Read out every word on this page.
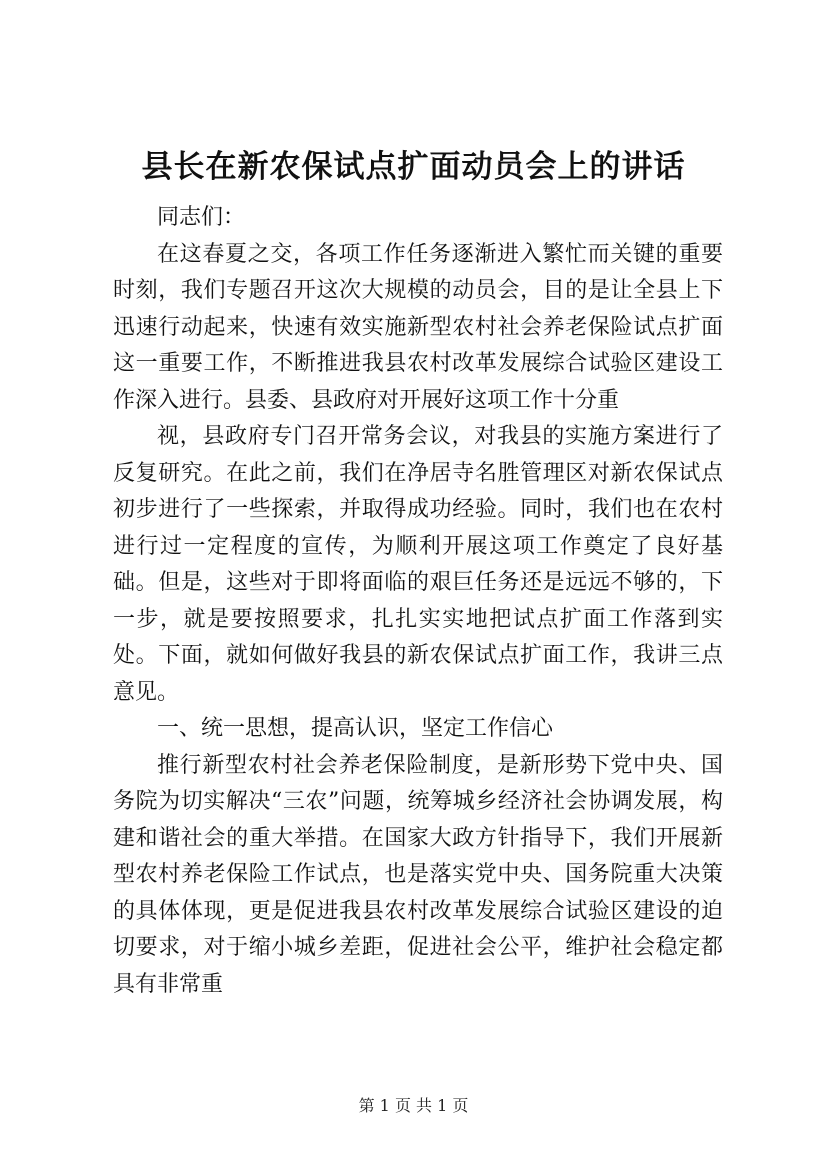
县长在新农保试点扩面动员会上的讲话

同志们：

在这春夏之交，各项工作任务逐渐进入繁忙而关键的重要时刻，我们专题召开这次大规模的动员会，目的是让全县上下迅速行动起来，快速有效实施新型农村社会养老保险试点扩面这一重要工作，不断推进我县农村改革发展综合试验区建设工作深入进行。县委、县政府对开展好这项工作十分重

视，县政府专门召开常务会议，对我县的实施方案进行了反复研究。在此之前，我们在净居寺名胜管理区对新农保试点初步进行了一些探索，并取得成功经验。同时，我们也在农村进行过一定程度的宣传，为顺利开展这项工作奠定了良好基础。但是，这些对于即将面临的艰巨任务还是远远不够的，下一步，就是要按照要求，扎扎实实地把试点扩面工作落到实处。下面，就如何做好我县的新农保试点扩面工作，我讲三点意见。

一、统一思想，提高认识，坚定工作信心

推行新型农村社会养老保险制度，是新形势下党中央、国务院为切实解决“三农”问题，统筹城乡经济社会协调发展，构建和谐社会的重大举措。在国家大政方针指导下，我们开展新型农村养老保险工作试点，也是落实党中央、国务院重大决策的具体体现，更是促进我县农村改革发展综合试验区建设的迫切要求，对于缩小城乡差距，促进社会公平，维护社会稳定都具有非常重

第 1 页 共 1 页
